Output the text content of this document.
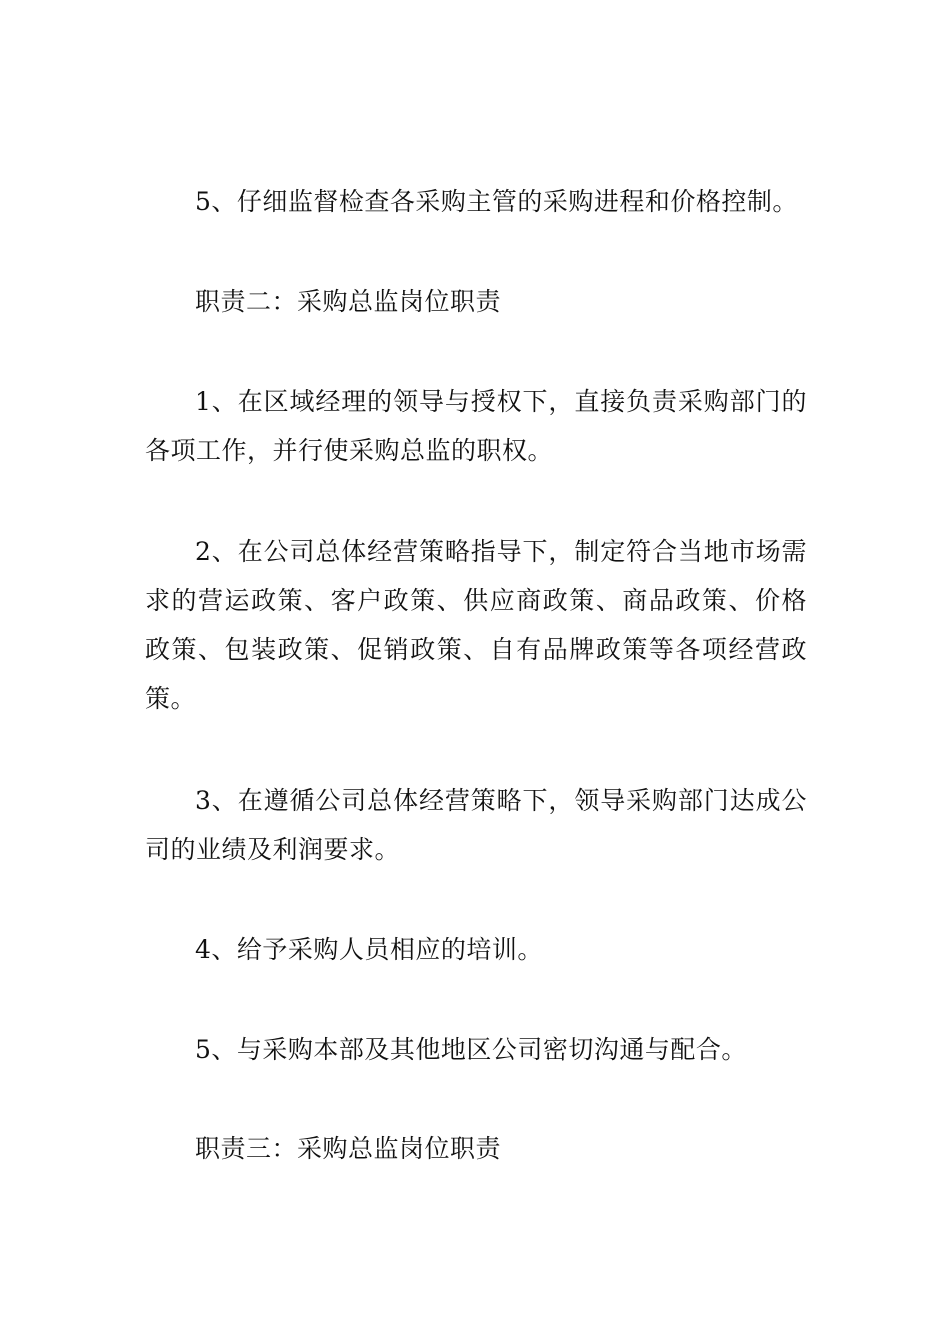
5、仔细监督检查各采购主管的采购进程和价格控制。

职责二：采购总监岗位职责

1、在区域经理的领导与授权下，直接负责采购部门的各项工作，并行使采购总监的职权。

2、在公司总体经营策略指导下，制定符合当地市场需求的营运政策、客户政策、供应商政策、商品政策、价格政策、包装政策、促销政策、自有品牌政策等各项经营政策。

3、在遵循公司总体经营策略下，领导采购部门达成公司的业绩及利润要求。

4、给予采购人员相应的培训。

5、与采购本部及其他地区公司密切沟通与配合。

职责三：采购总监岗位职责
